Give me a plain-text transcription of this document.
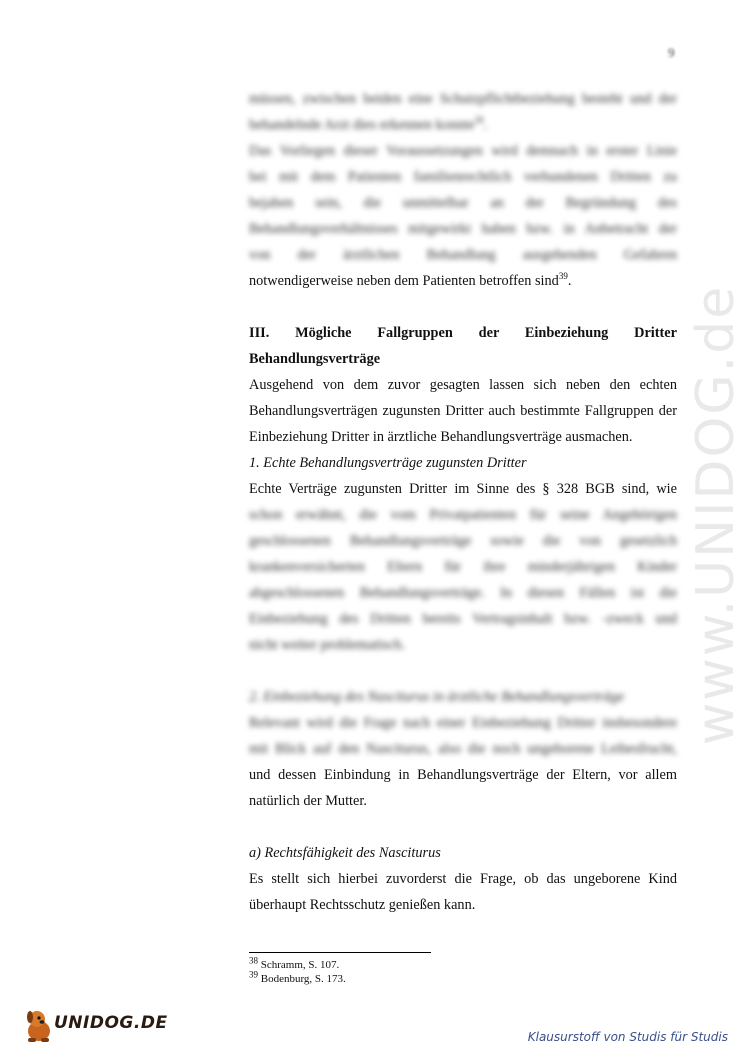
9
www.UNIDOG.de

müssen, zwischen beiden eine Schutzpflichtbeziehung besteht und der

behandelnde Arzt dies erkennen konnte$^{38}$.

Das Vorliegen dieser Voraussetzungen wird demnach in erster Linie

bei mit dem Patienten familienrechtlich verbundenen Dritten zu

bejahen sein, die unmittelbar an der Begründung des

Behandlungsverhältnisses mitgewirkt haben bzw. in Anbetracht der

von der ärztlichen Behandlung ausgehenden Gefahren

notwendigerweise neben dem Patienten betroffen sind$^{39}$.

III. Mögliche Fallgruppen der Einbeziehung Dritter

Behandlungsverträge

Ausgehend von dem zuvor gesagten lassen sich neben den echten Behandlungsverträgen zugunsten Dritter auch bestimmte Fallgruppen der Einbeziehung Dritter in ärztliche Behandlungsverträge ausmachen.

1. Echte Behandlungsverträge zugunsten Dritter

Echte Verträge zugunsten Dritter im Sinne des § 328 BGB sind, wie

schon erwähnt, die vom Privatpatienten für seine Angehörigen

geschlossenen Behandlungsverträge sowie die von gesetzlich

krankenversicherten Eltern für ihre minderjährigen Kinder

abgeschlossenen Behandlungsverträge. In diesen Fällen ist die

Einbeziehung des Dritten bereits Vertragsinhalt bzw. -zweck und

nicht weiter problematisch.

2. Einbeziehung des Nasciturus in ärztliche Behandlungsverträge

Relevant wird die Frage nach einer Einbeziehung Dritter insbesondere

mit Blick auf den Nasciturus, also die noch ungeborene Leibesfrucht,

und dessen Einbindung in Behandlungsverträge der Eltern, vor allem

natürlich der Mutter.

a) Rechtsfähigkeit des Nasciturus

Es stellt sich hierbei zuvorderst die Frage, ob das ungeborene Kind überhaupt Rechtsschutz genießen kann.

$^{38}$ Schramm, S. 107.
$^{39}$ Bodenburg, S. 173.
UNIDOG.DE
Klausurstoff von Studis für Studis
